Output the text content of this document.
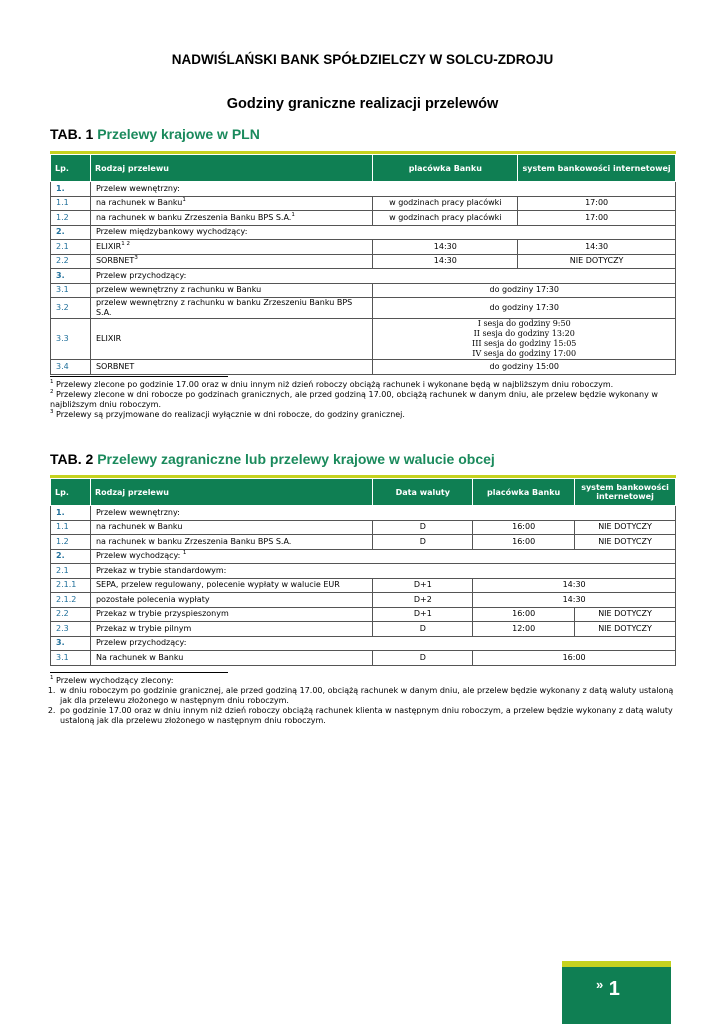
NADWIŚLAŃSKI BANK SPÓŁDZIELCZY W SOLCU-ZDROJU
Godziny graniczne realizacji przelewów
TAB. 1 Przelewy krajowe w PLN
Lp.	Rodzaj przelewu	placówka Banku	system bankowości internetowej
1.	Przelew wewnętrzny:		
1.1	na rachunek w Banku$^1$	w godzinach pracy placówki	17:00
1.2	na rachunek w banku Zrzeszenia Banku BPS S.A.$^1$	w godzinach pracy placówki	17:00
2.	Przelew międzybankowy wychodzący:		
2.1	$ELIXIR^{1 2}$	14:30	14:30
2.2	SORBNET$^3$	14:30	NIE DOTYCZY
3.	Przelew przychodzący:		
3.1	przelew wewnętrzny z rachunku w Banku	do godziny 17:30	
3.2	przelew wewnętrzny z rachunku w banku Zrzeszeniu Banku BPS S.A.	do godziny 17:30	
3.3	ELIXIR	I sesja do godziny 9:50
II sesja do godziny 13:20
III sesja do godziny 15:05
IV sesja do godziny 17:00	

3.4	SORBNET	do godziny 15:00	

$^1$ Przelewy zlecone po godzinie 17.00 oraz w dniu innym niż dzień roboczy obciążą rachunek i wykonane będą w najbliższym dniu roboczym.

$^2$ Przelewy zlecone w dni robocze po godzinach granicznych, ale przed godziną 17.00, obciążą rachunek w danym dniu, ale przelew będzie wykonany w najbliższym dniu roboczym.

$^3$ Przelewy są przyjmowane do realizacji wyłącznie w dni robocze, do godziny granicznej.

TAB. 2 Przelewy zagraniczne lub przelewy krajowe w walucie obcej
Lp.	Rodzaj przelewu	Data waluty	placówka Banku	system bankowości internetowej
1.	Przelew wewnętrzny:			
1.1	na rachunek w Banku	D	16:00	NIE DOTYCZY
1.2	na rachunek w banku Zrzeszenia Banku BPS S.A.	D	16:00	NIE DOTYCZY
2.	Przelew wychodzący: $^1$
2.1	Przekaz w trybie standardowym:			
2.1.1	SEPA, przelew regulowany, polecenie wypłaty w walucie EUR	D+1	14:30	
2.1.2	pozostałe polecenia wypłaty	D+2	14:30	
2.2	Przekaz w trybie przyspieszonym	D+1	16:00	NIE DOTYCZY
2.3	Przekaz w trybie pilnym	D	12:00	NIE DOTYCZY
3.	Przelew przychodzący:			
3.1	Na rachunek w Banku	D	16:00	

$^1$ Przelew wychodzący zlecony:

1. w dniu roboczym po godzinie granicznej, ale przed godziną 17.00, obciążą rachunek w danym dniu, ale przelew będzie wykonany z datą waluty ustaloną jak dla przelewu złożonego w następnym dniu roboczym.
2. po godzinie 17.00 oraz w dniu innym niż dzień roboczy obciążą rachunek klienta w następnym dniu roboczym, a przelew będzie wykonany z datą waluty ustaloną jak dla przelewu złożonego w następnym dniu roboczym.
» 1
